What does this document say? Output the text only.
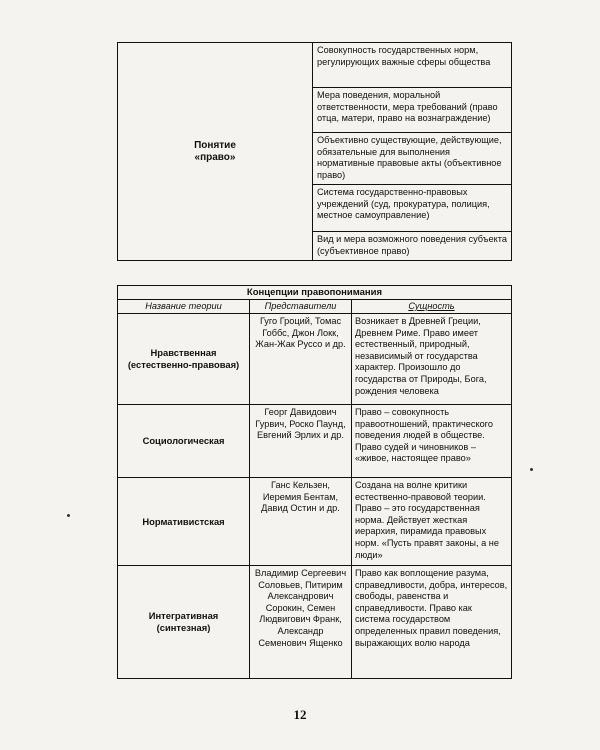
Понятие
«право»
Совокупность государственных норм, регулирующих важные сферы общества
Мера поведения, моральной ответственности, мера требований (право отца, матери, право на вознаграждение)
Объективно существующие, действующие, обязательные для выполнения нормативные правовые акты (объективное право)
Система государственно-правовых учреждений (суд, прокуратура, полиция, местное самоуправление)
Вид и мера возможного поведения субъекта (субъективное право)
Концепции правопонимания
Название теории	Представители	Сущность
Нравственная (естественно-правовая)
Гуго Гроций, Томас Гоббс, Джон Локк, Жан-Жак Руссо и др.
Возникает в Древней Греции, Древнем Риме. Право имеет естественный, природный, независимый от государства характер. Произошло до государства от Природы, Бога, рождения человека
Социологическая
Георг Давидович Гурвич, Роско Паунд, Евгений Эрлих и др.
Право – совокупность правоотношений, практического поведения людей в обществе. Право судей и чиновников – «живое, настоящее право»
Нормативистская
Ганс Кельзен, Иеремия Бентам, Давид Остин и др.
Создана на волне критики естественно-правовой теории. Право – это государственная норма. Действует жесткая иерархия, пирамида правовых норм. «Пусть правят законы, а не люди»
Интегративная (синтезная)
Владимир Сергеевич Соловьев, Питирим Александрович Сорокин, Семен Людвигович Франк, Александр Семенович Ященко
Право как воплощение разума, справедливости, добра, интересов, свободы, равенства и справедливости. Право как система государством определенных правил поведения, выражающих волю народа
12
